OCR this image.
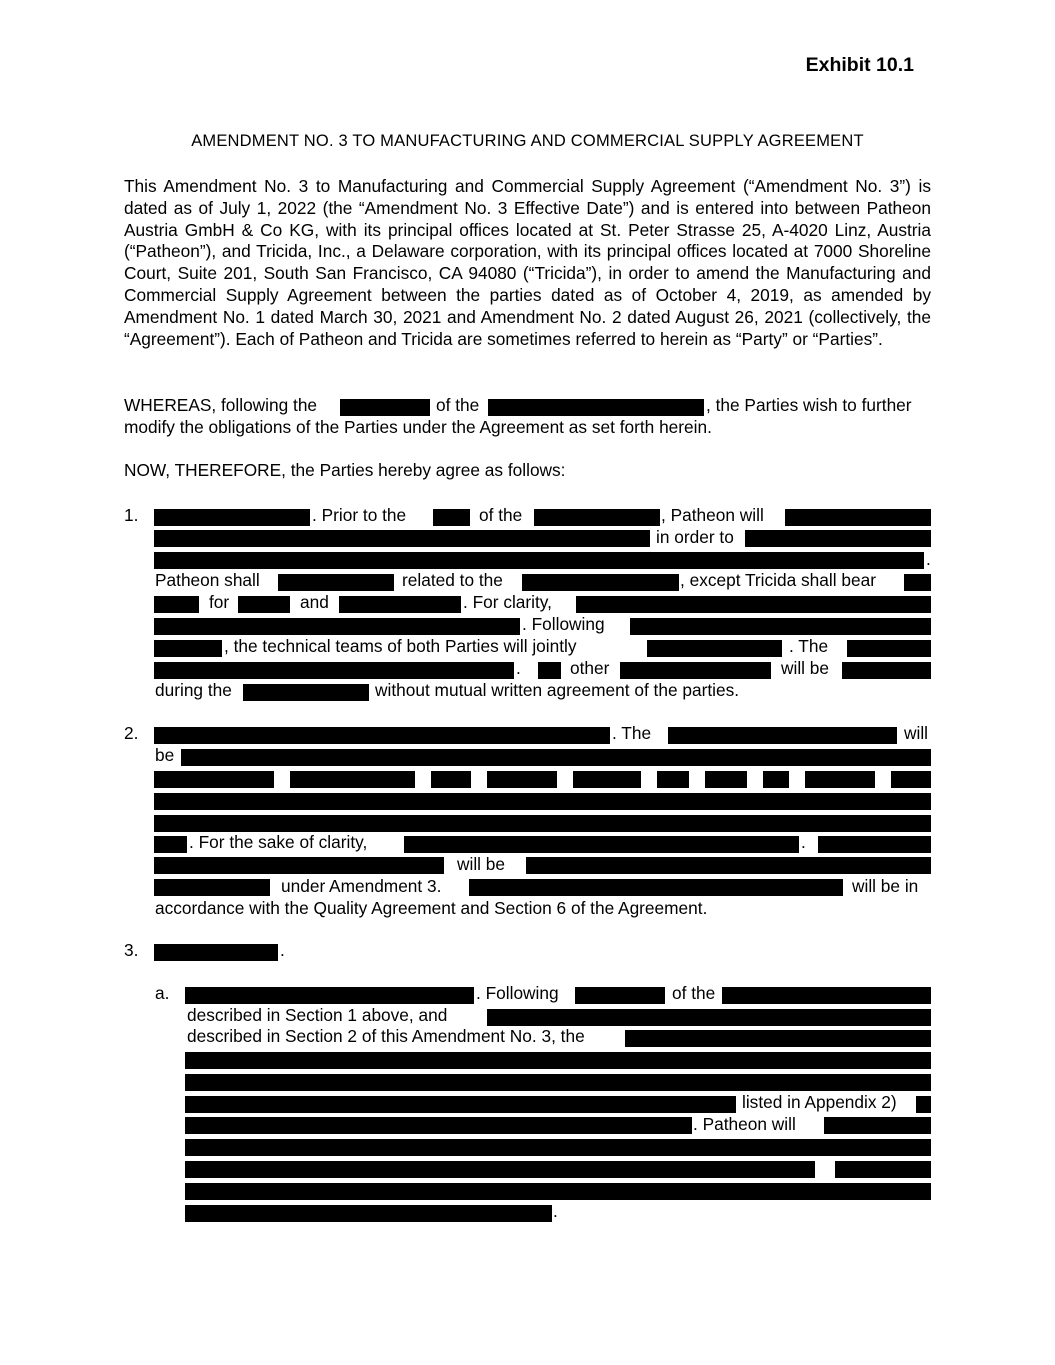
Exhibit 10.1
AMENDMENT NO. 3 TO MANUFACTURING AND COMMERCIAL SUPPLY AGREEMENT
This Amendment No. 3 to Manufacturing and Commercial Supply Agreement (“Amendment No. 3”) is dated as of July 1, 2022 (the “Amendment No. 3 Effective Date”) and is entered into between Patheon Austria GmbH & Co KG, with its principal offices located at St. Peter Strasse 25, A-4020 Linz, Austria (“Patheon”), and Tricida, Inc., a Delaware corporation, with its principal offices located at 7000 Shoreline Court, Suite 201, South San Francisco, CA 94080 (“Tricida”), in order to amend the Manufacturing and Commercial Supply Agreement between the parties dated as of October 4, 2019, as amended by Amendment No. 1 dated March 30, 2021 and Amendment No. 2 dated August 26, 2021 (collectively, the “Agreement”). Each of Patheon and Tricida are sometimes referred to herein as “Party” or “Parties”.
WHEREAS, following the	of the	, the Parties wish to further
modify the obligations of the Parties under the Agreement as set forth herein.
NOW, THEREFORE, the Parties hereby agree as follows:
1.	. Prior to the	of the	, Patheon will
in order to
.
Patheon shall	related to the	, except Tricida shall bear
for	and	. For clarity,
. Following
, the technical teams of both Parties will jointly	. The
.	other	will be
during the	without mutual written agreement of the parties.
2.	. The	will
be
. For the sake of clarity,	.
will be
under Amendment 3.	will be in
accordance with the Quality Agreement and Section 6 of the Agreement.
3.	.
a.	. Following	of the
described in Section 1 above, and
described in Section 2 of this Amendment No. 3, the
listed in Appendix 2)
. Patheon will
.
